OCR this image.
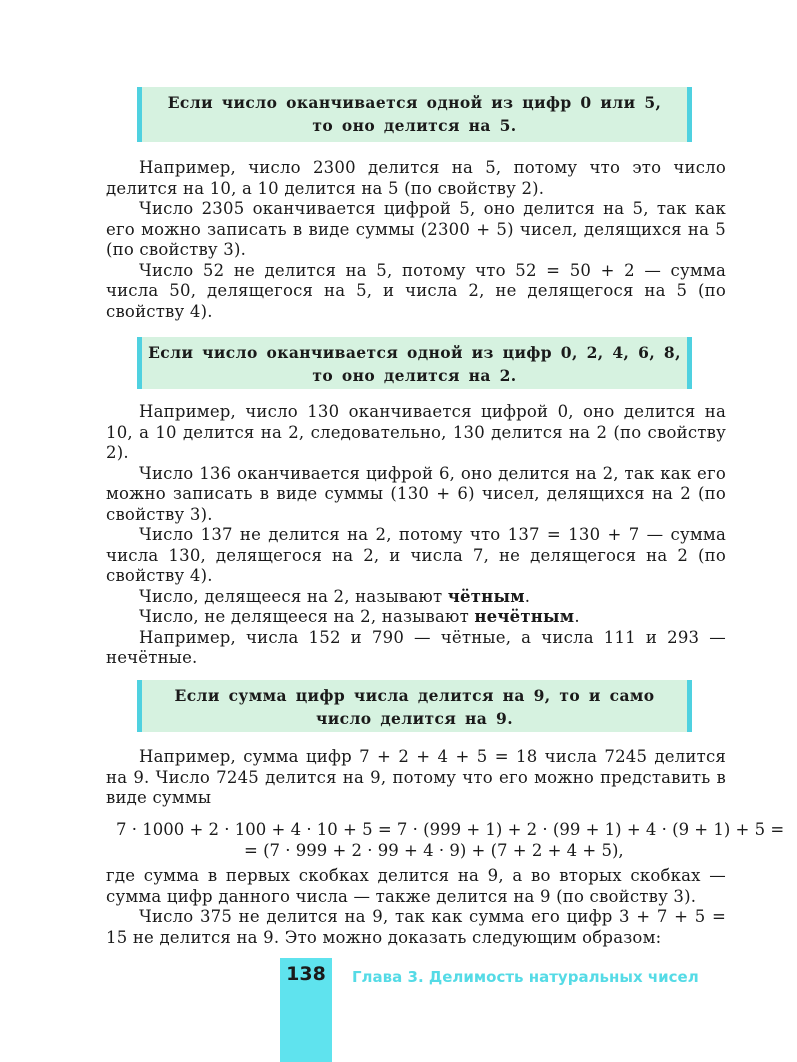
Если число оканчивается одной из цифр 0 или 5,
то оно делится на 5.

Например, число 2300 делится на 5, потому что это число делится на 10, а 10 делится на 5 (по свойству 2).

Число 2305 оканчивается цифрой 5, оно делится на 5, так как его можно записать в виде суммы (2300 + 5) чисел, делящихся на 5 (по свойству 3).

Число 52 не делится на 5, потому что 52 = 50 + 2 — сумма числа 50, делящегося на 5, и числа 2, не делящегося на 5 (по свойству 4).

Если число оканчивается одной из цифр 0, 2, 4, 6, 8,
то оно делится на 2.

Например, число 130 оканчивается цифрой 0, оно делится на 10, а 10 делится на 2, следовательно, 130 делится на 2 (по свойству 2).

Число 136 оканчивается цифрой 6, оно делится на 2, так как его можно записать в виде суммы (130 + 6) чисел, делящихся на 2 (по свойству 3).

Число 137 не делится на 2, потому что 137 = 130 + 7 — сумма числа 130, делящегося на 2, и числа 7, не делящегося на 2 (по свойству 4).

Число, делящееся на 2, называют чётным.

Число, не делящееся на 2, называют нечётным.

Например, числа 152 и 790 — чётные, а числа 111 и 293 — нечётные.

Если сумма цифр числа делится на 9, то и само
число делится на 9.

Например, сумма цифр 7 + 2 + 4 + 5 = 18 числа 7245 делится на 9. Число 7245 делится на 9, потому что его можно представить в виде суммы

7 · 1000 + 2 · 100 + 4 · 10 + 5 = 7 · (999 + 1) + 2 · (99 + 1) + 4 · (9 + 1) + 5 =
= (7 · 999 + 2 · 99 + 4 · 9) + (7 + 2 + 4 + 5),

где сумма в первых скобках делится на 9, а во вторых скобках — сумма цифр данного числа — также делится на 9 (по свойству 3).

Число 375 не делится на 9, так как сумма его цифр 3 + 7 + 5 = 15 не делится на 9. Это можно доказать следующим образом:

138	Глава 3. Делимость натуральных чисел
